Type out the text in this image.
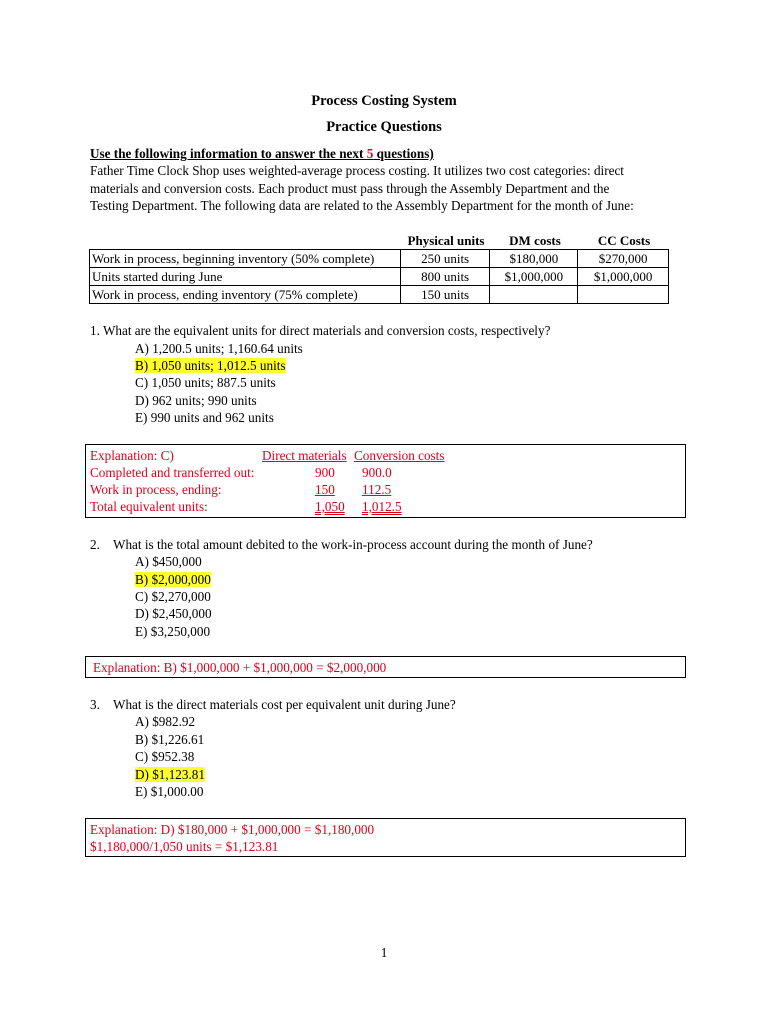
Process Costing System
Practice Questions
Use the following information to answer the next 5 questions)
Father Time Clock Shop uses weighted-average process costing. It utilizes two cost categories: direct
materials and conversion costs. Each product must pass through the Assembly Department and the
Testing Department. The following data are related to the Assembly Department for the month of June:
Physical units	DM costs	CC Costs
Work in process, beginning inventory (50% complete)	250 units	$180,000	$270,000
Units started during June	800 units	$1,000,000	$1,000,000
Work in process, ending inventory (75% complete)	150 units		
1. What are the equivalent units for direct materials and conversion costs, respectively?
A) 1,200.5 units; 1,160.64 units
B) 1,050 units; 1,012.5 units
C) 1,050 units; 887.5 units
D) 962 units; 990 units
E) 990 units and 962 units
Explanation: C)	Direct materials Conversion costs
Completed and transferred out:	900 900.0
Work in process, ending:	150 112.5
Total equivalent units:	1,050 1,012.5
2. What is the total amount debited to the work-in-process account during the month of June?
A) $450,000
B) $2,000,000
C) $2,270,000
D) $2,450,000
E) $3,250,000
Explanation: B) $1,000,000 + $1,000,000 = $2,000,000
3. What is the direct materials cost per equivalent unit during June?
A) $982.92
B) $1,226.61
C) $952.38
D) $1,123.81
E) $1,000.00
Explanation: D) $180,000 + $1,000,000 = $1,180,000
$1,180,000/1,050 units = $1,123.81
1
